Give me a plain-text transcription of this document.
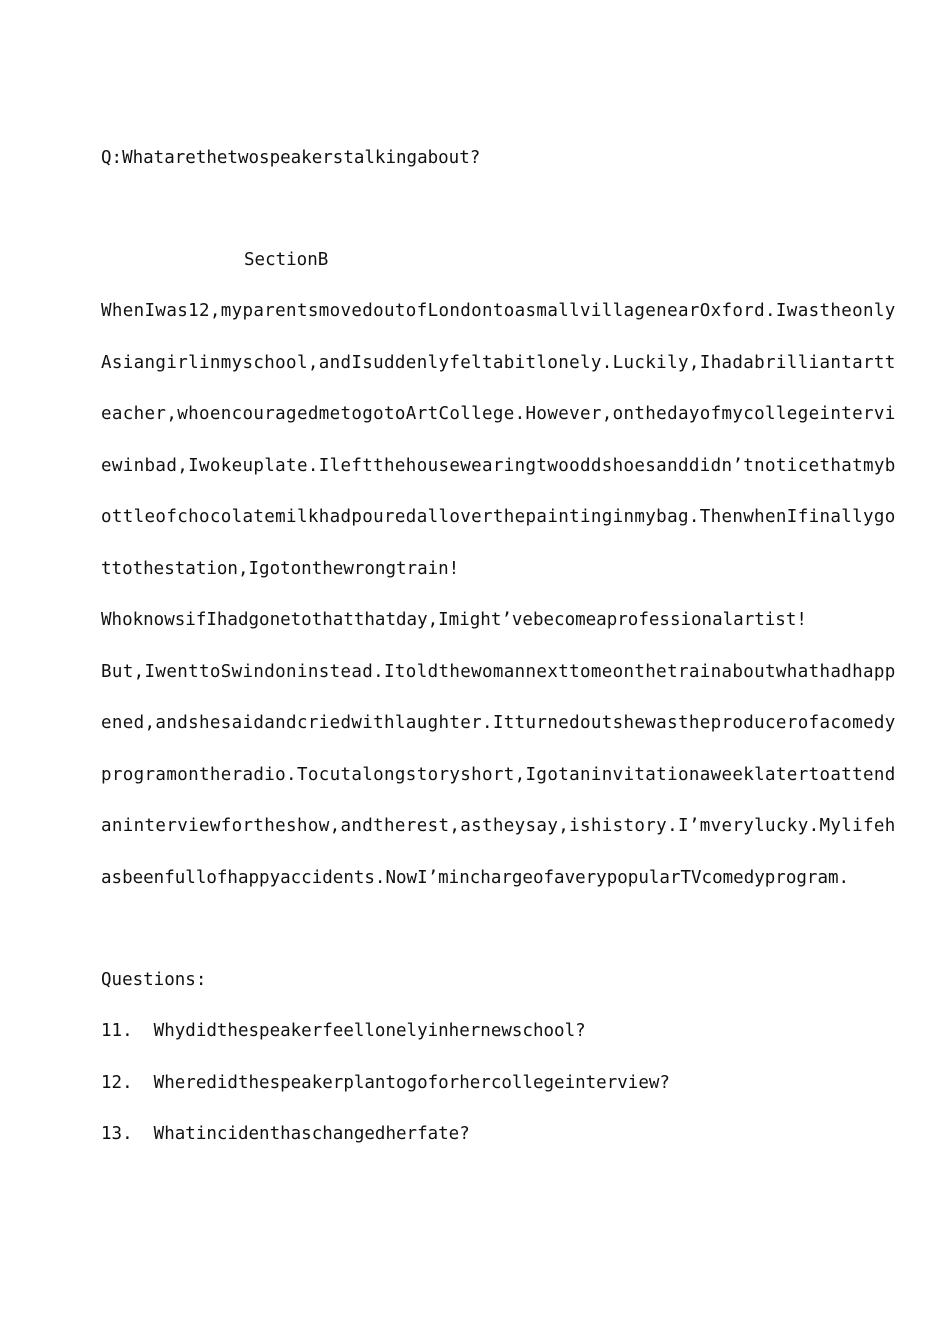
Q:Whatarethetwospeakerstalkingabout?
SectionB
WhenIwas12,myparentsmovedoutofLondontoasmallvillagenearOxford.Iwastheonly
Asiangirlinmyschool,andIsuddenlyfeltabitlonely.Luckily,Ihadabrilliantartt
eacher,whoencouragedmetogotoArtCollege.However,onthedayofmycollegeintervi
ewinbad,Iwokeuplate.Ileftthehousewearingtwooddshoesanddidn’tnoticethatmyb
ottleofchocolatemilkhadpouredalloverthepaintinginmybag.ThenwhenIfinallygo
ttothestation,Igotonthewrongtrain!
WhoknowsifIhadgonetothatthatday,Imight’vebecomeaprofessionalartist!
But,IwenttoSwindoninstead.Itoldthewomannexttomeonthetrainaboutwhathadhapp
ened,andshesaidandcriedwithlaughter.Itturnedoutshewastheproducerofacomedy
programontheradio.Tocutalongstoryshort,Igotaninvitationaweeklatertoattend
aninterviewfortheshow,andtherest,astheysay,ishistory.I’mverylucky.Mylifeh
asbeenfullofhappyaccidents.NowI’minchargeofaverypopularTVcomedyprogram.
Questions:
11.  Whydidthespeakerfeellonelyinhernewschool?
12.  Wheredidthespeakerplantogoforhercollegeinterview?
13.  Whatincidenthaschangedherfate?
